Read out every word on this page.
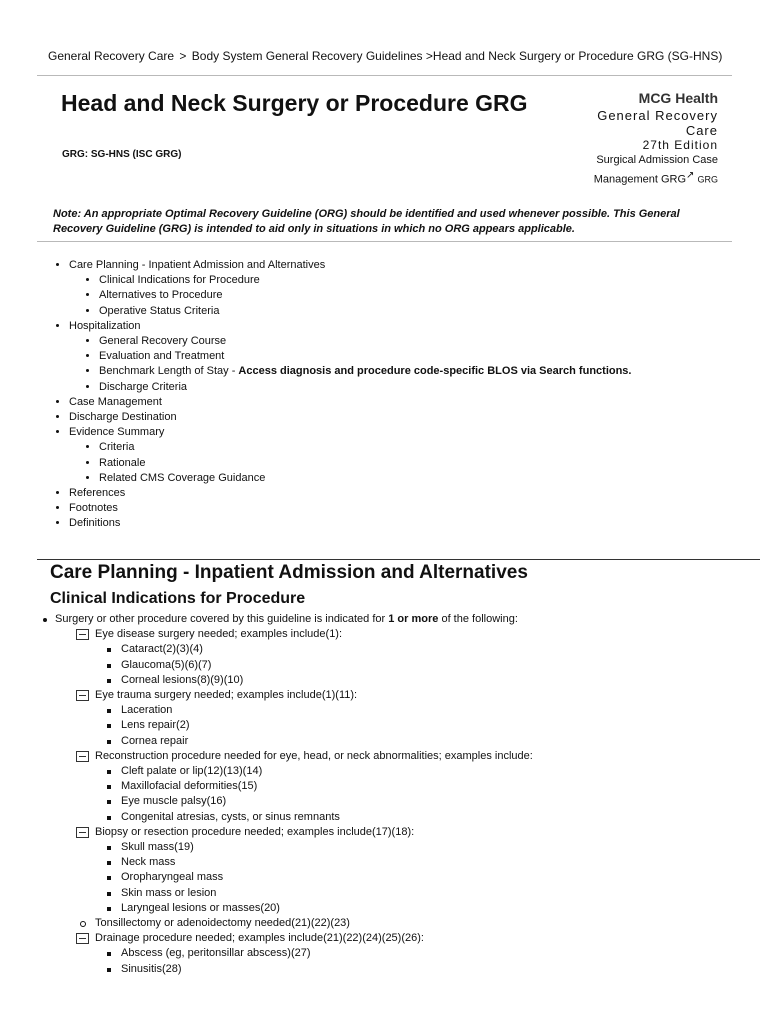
General Recovery Care > Body System General Recovery Guidelines >Head and Neck Surgery or Procedure GRG (SG-HNS)
Head and Neck Surgery or Procedure GRG
GRG: SG-HNS (ISC GRG)
MCG Health
General Recovery
Care
27th Edition
Surgical Admission Case
Management GRG↗︎ GRG
Note: An appropriate Optimal Recovery Guideline (ORG) should be identified and used whenever possible. This General Recovery Guideline (GRG) is intended to aid only in situations in which no ORG appears applicable.
• Care Planning - Inpatient Admission and Alternatives
• Clinical Indications for Procedure
• Alternatives to Procedure
• Operative Status Criteria
• Hospitalization
• General Recovery Course
• Evaluation and Treatment
• Benchmark Length of Stay - Access diagnosis and procedure code-specific BLOS via Search functions.
• Discharge Criteria
• Case Management
• Discharge Destination
• Evidence Summary
• Criteria
• Rationale
• Related CMS Coverage Guidance
• References
• Footnotes
• Definitions
Care Planning - Inpatient Admission and Alternatives
Clinical Indications for Procedure
Surgery or other procedure covered by this guideline is indicated for 1 or more of the following:
Eye disease surgery needed; examples include(1):
Cataract(2)(3)(4)
Glaucoma(5)(6)(7)
Corneal lesions(8)(9)(10)
Eye trauma surgery needed; examples include(1)(11):
Laceration
Lens repair(2)
Cornea repair
Reconstruction procedure needed for eye, head, or neck abnormalities; examples include:
Cleft palate or lip(12)(13)(14)
Maxillofacial deformities(15)
Eye muscle palsy(16)
Congenital atresias, cysts, or sinus remnants
Biopsy or resection procedure needed; examples include(17)(18):
Skull mass(19)
Neck mass
Oropharyngeal mass
Skin mass or lesion
Laryngeal lesions or masses(20)
Tonsillectomy or adenoidectomy needed(21)(22)(23)
Drainage procedure needed; examples include(21)(22)(24)(25)(26):
Abscess (eg, peritonsillar abscess)(27)
Sinusitis(28)
